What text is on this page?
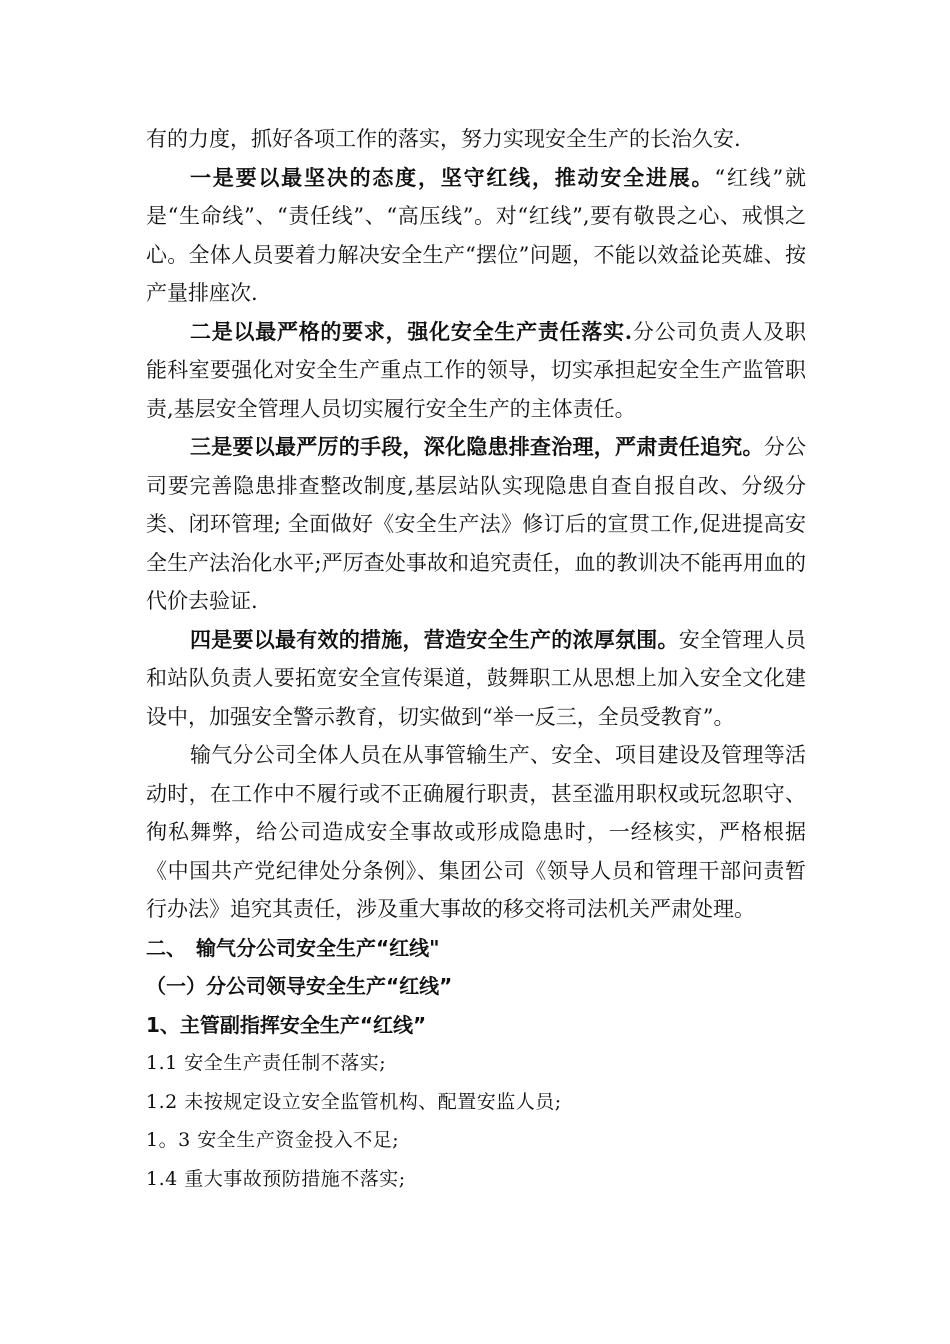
有的力度，抓好各项工作的落实，努力实现安全生产的长治久安.

一是要以最坚决的态度，坚守红线，推动安全进展。“红线”就是“生命线”、“责任线”、“高压线”。对“红线”,要有敬畏之心、戒惧之心。全体人员要着力解决安全生产“摆位”问题，不能以效益论英雄、按产量排座次.

二是以最严格的要求，强化安全生产责任落实.分公司负责人及职能科室要强化对安全生产重点工作的领导，切实承担起安全生产监管职责,基层安全管理人员切实履行安全生产的主体责任。

三是要以最严厉的手段，深化隐患排查治理，严肃责任追究。分公司要完善隐患排查整改制度,基层站队实现隐患自查自报自改、分级分类、闭环管理; 全面做好《安全生产法》修订后的宣贯工作,促进提高安全生产法治化水平;严厉查处事故和追究责任，血的教训决不能再用血的代价去验证.

四是要以最有效的措施，营造安全生产的浓厚氛围。安全管理人员和站队负责人要拓宽安全宣传渠道，鼓舞职工从思想上加入安全文化建设中，加强安全警示教育，切实做到“举一反三，全员受教育”。

输气分公司全体人员在从事管输生产、安全、项目建设及管理等活动时，在工作中不履行或不正确履行职责，甚至滥用职权或玩忽职守、徇私舞弊，给公司造成安全事故或形成隐患时，一经核实，严格根据《中国共产党纪律处分条例》、集团公司《领导人员和管理干部问责暂行办法》追究其责任，涉及重大事故的移交将司法机关严肃处理。

二、　输气分公司安全生产“红线"

（一）分公司领导安全生产“红线”

1、主管副指挥安全生产“红线”

1.1 安全生产责任制不落实;

1.2 未按规定设立安全监管机构、配置安监人员;

1。3 安全生产资金投入不足;

1.4 重大事故预防措施不落实;
